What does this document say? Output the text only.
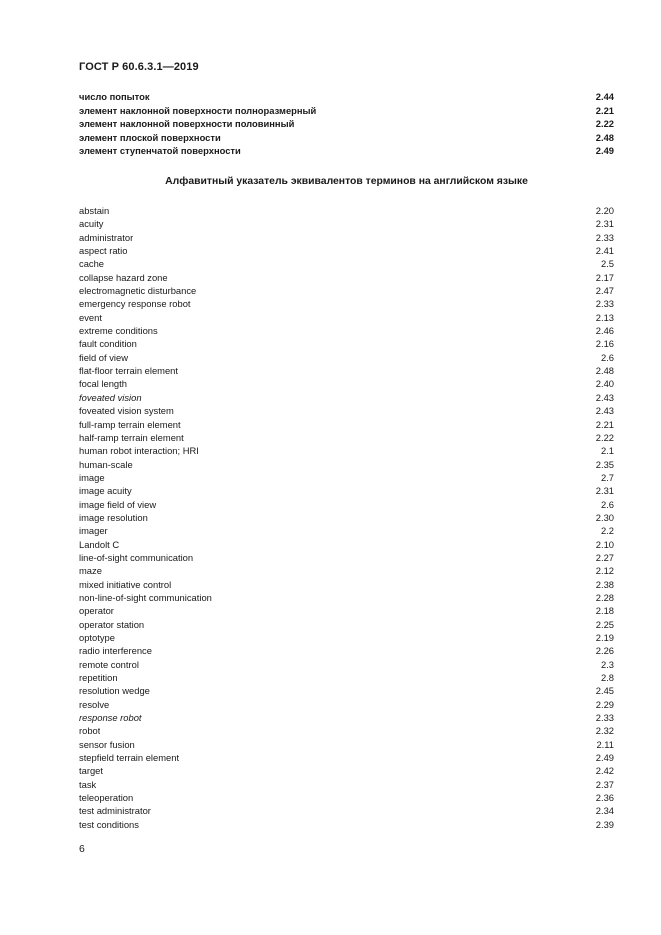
ГОСТ Р 60.6.3.1—2019
число попыток	2.44
элемент наклонной поверхности полноразмерный	2.21
элемент наклонной поверхности половинный	2.22
элемент плоской поверхности	2.48
элемент ступенчатой поверхности	2.49
Алфавитный указатель эквивалентов терминов на английском языке
abstain	2.20
acuity	2.31
administrator	2.33
aspect ratio	2.41
cache	2.5
collapse hazard zone	2.17
electromagnetic disturbance	2.47
emergency response robot	2.33
event	2.13
extreme conditions	2.46
fault condition	2.16
field of view	2.6
flat-floor terrain element	2.48
focal length	2.40
foveated vision	2.43
foveated vision system	2.43
full-ramp terrain element	2.21
half-ramp terrain element	2.22
human robot interaction; HRI	2.1
human-scale	2.35
image	2.7
image acuity	2.31
image field of view	2.6
image resolution	2.30
imager	2.2
Landolt C	2.10
line-of-sight communication	2.27
maze	2.12
mixed initiative control	2.38
non-line-of-sight communication	2.28
operator	2.18
operator station	2.25
optotype	2.19
radio interference	2.26
remote control	2.3
repetition	2.8
resolution wedge	2.45
resolve	2.29
response robot	2.33
robot	2.32
sensor fusion	2.11
stepfield terrain element	2.49
target	2.42
task	2.37
teleoperation	2.36
test administrator	2.34
test conditions	2.39
6
